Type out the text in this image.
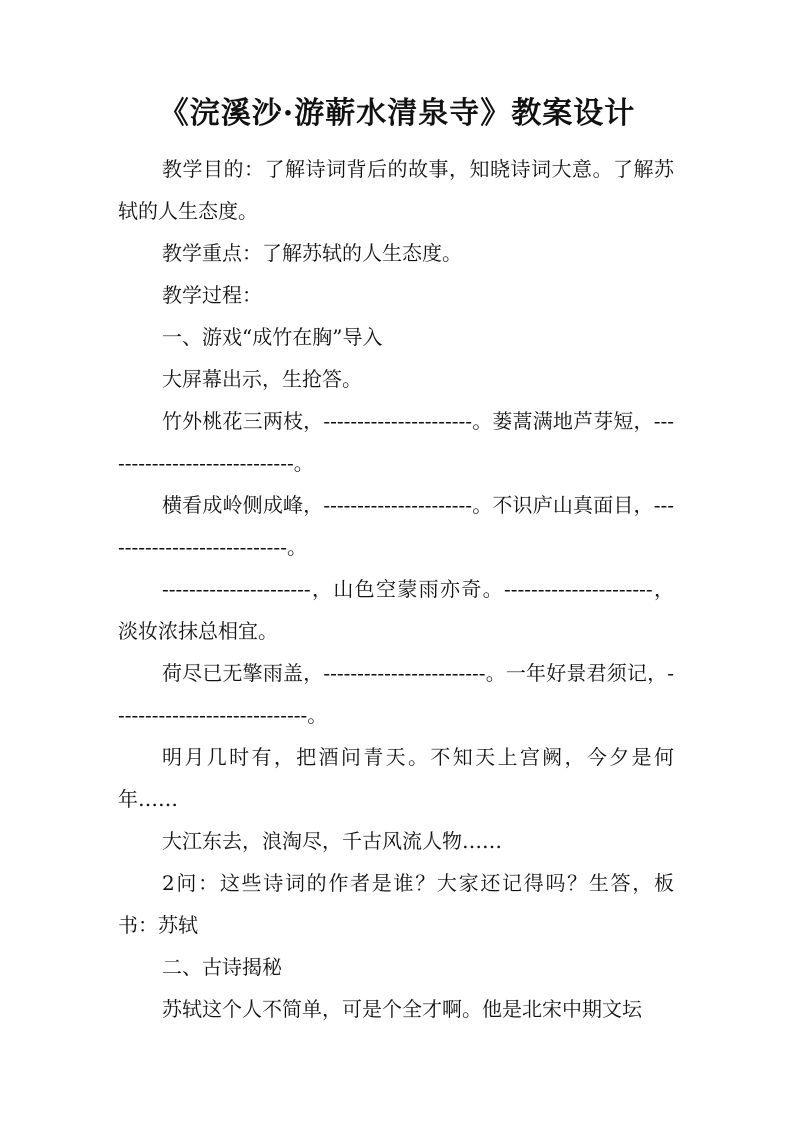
《浣溪沙·游蕲水清泉寺》教案设计

教学目的：了解诗词背后的故事，知晓诗词大意。了解苏轼的人生态度。

教学重点：了解苏轼的人生态度。

教学过程：

一、游戏“成竹在胸”导入

大屏幕出示，生抢答。

竹外桃花三两枝，----------------------。蒌蒿满地芦芽短，-----------------------------。

横看成岭侧成峰，----------------------。不识庐山真面目，----------------------------。

----------------------，山色空蒙雨亦奇。----------------------，淡妆浓抹总相宜。

荷尽已无擎雨盖，------------------------。一年好景君须记，-----------------------------。

明月几时有，把酒问青天。不知天上宫阙，今夕是何年……

大江东去，浪淘尽，千古风流人物……

2问：这些诗词的作者是谁？大家还记得吗？生答，板书：苏轼

二、古诗揭秘

苏轼这个人不简单，可是个全才啊。他是北宋中期文坛
